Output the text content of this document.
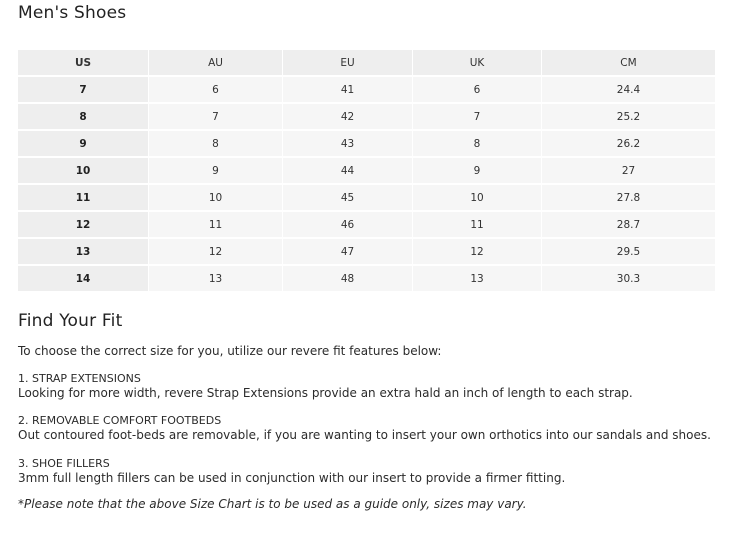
Men's Shoes
US	AU	EU	UK	CM
7	6	41	6	24.4
8	7	42	7	25.2
9	8	43	8	26.2
10	9	44	9	27
11	10	45	10	27.8
12	11	46	11	28.7
13	12	47	12	29.5
14	13	48	13	30.3
Find Your Fit
To choose the correct size for you, utilize our revere fit features below:
1. STRAP EXTENSIONS
Looking for more width, revere Strap Extensions provide an extra hald an inch of length to each strap.
2. REMOVABLE COMFORT FOOTBEDS
Out contoured foot-beds are removable, if you are wanting to insert your own orthotics into our sandals and shoes.
3. SHOE FILLERS
3mm full length fillers can be used in conjunction with our insert to provide a firmer fitting.
*Please note that the above Size Chart is to be used as a guide only, sizes may vary.
